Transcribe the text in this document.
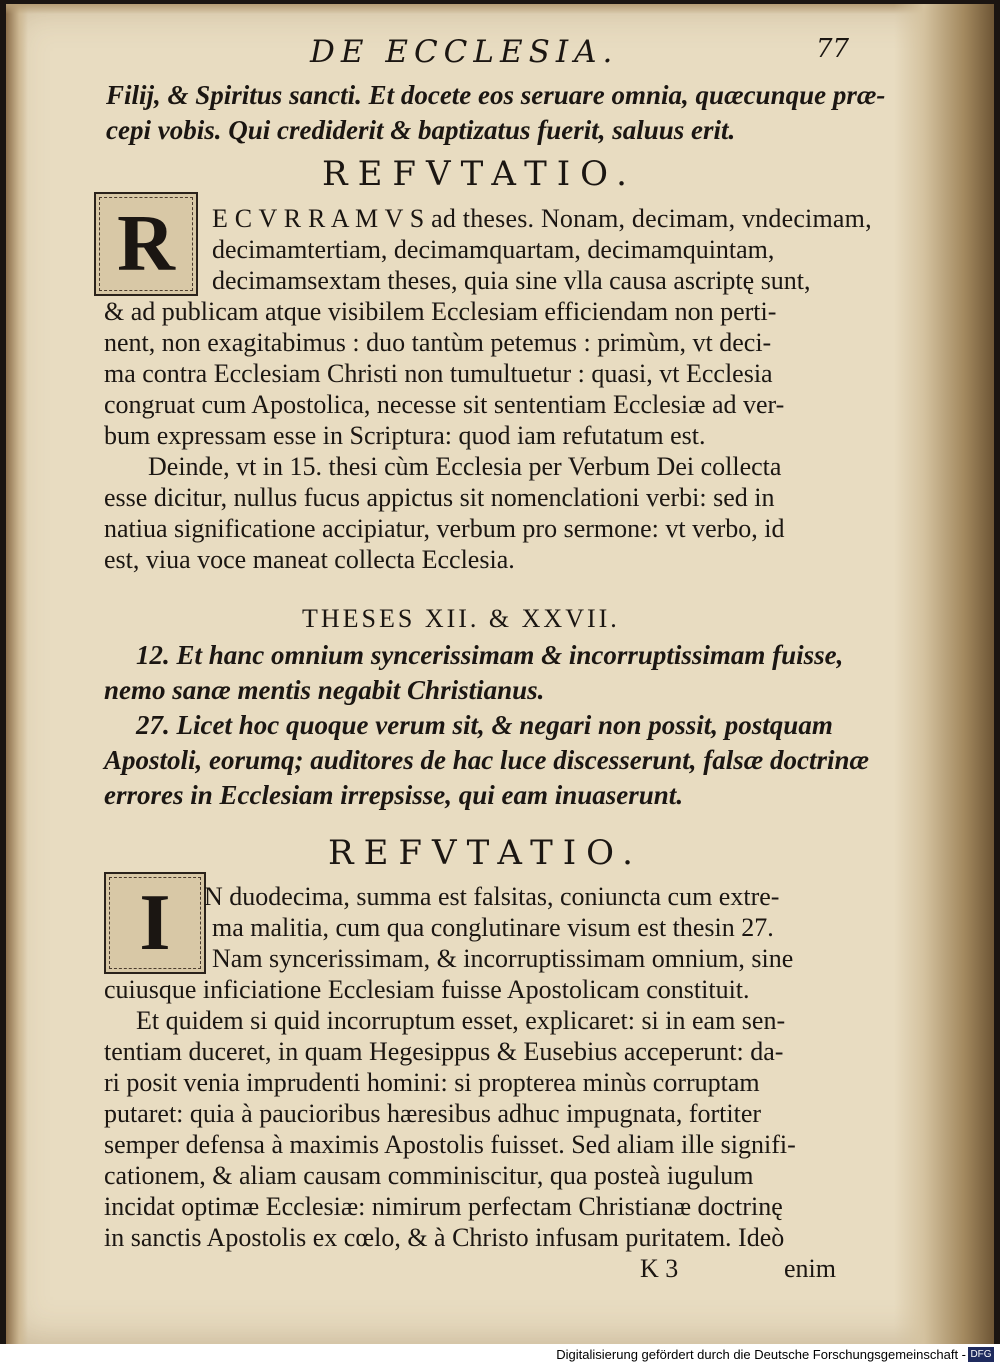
DE ECCLESIA.	77
Filij, & Spiritus sancti. Et docete eos seruare omnia, quæcunque præ-
cepi vobis. Qui crediderit & baptizatus fuerit, saluus erit.
REFVTATIO.
R E C V R R A M V S ad theses. Nonam, decimam, vndecimam,
decimamtertiam, decimamquartam, decimamquintam,
decimamsextam theses, quia sine vlla causa ascriptę sunt,
& ad publicam atque visibilem Ecclesiam efficiendam non perti-
nent, non exagitabimus : duo tantùm petemus : primùm, vt deci-
ma contra Ecclesiam Christi non tumultuetur : quasi, vt Ecclesia
congruat cum Apostolica, necesse sit sententiam Ecclesiæ ad ver-
bum expressam esse in Scriptura: quod iam refutatum est.
Deinde, vt in 15. thesi cùm Ecclesia per Verbum Dei collecta
esse dicitur, nullus fucus appictus sit nomenclationi verbi: sed in
natiua significatione accipiatur, verbum pro sermone: vt verbo, id
est, viua voce maneat collecta Ecclesia.
THESES XII. & XXVII.
12. Et hanc omnium syncerissimam & incorruptissimam fuisse,
nemo sanæ mentis negabit Christianus.
27. Licet hoc quoque verum sit, & negari non possit, postquam
Apostoli, eorumq; auditores de hac luce discesserunt, falsæ doctrinæ
errores in Ecclesiam irrepsisse, qui eam inuaserunt.
REFVTATIO.
I N duodecima, summa est falsitas, coniuncta cum extre-
ma malitia, cum qua conglutinare visum est thesin 27.
Nam syncerissimam, & incorruptissimam omnium, sine
cuiusque inficiatione Ecclesiam fuisse Apostolicam constituit.
Et quidem si quid incorruptum esset, explicaret: si in eam sen-
tentiam duceret, in quam Hegesippus & Eusebius acceperunt: da-
ri posit venia imprudenti homini: si propterea minùs corruptam
putaret: quia à paucioribus hæresibus adhuc impugnata, fortiter
semper defensa à maximis Apostolis fuisset. Sed aliam ille signifi-
cationem, & aliam causam comminiscitur, qua posteà iugulum
incidat optimæ Ecclesiæ: nimirum perfectam Christianæ doctrinę
in sanctis Apostolis ex cœlo, & à Christo infusam puritatem. Ideò
K 3	enim
Digitalisierung gefördert durch die Deutsche Forschungsgemeinschaft - DFG
